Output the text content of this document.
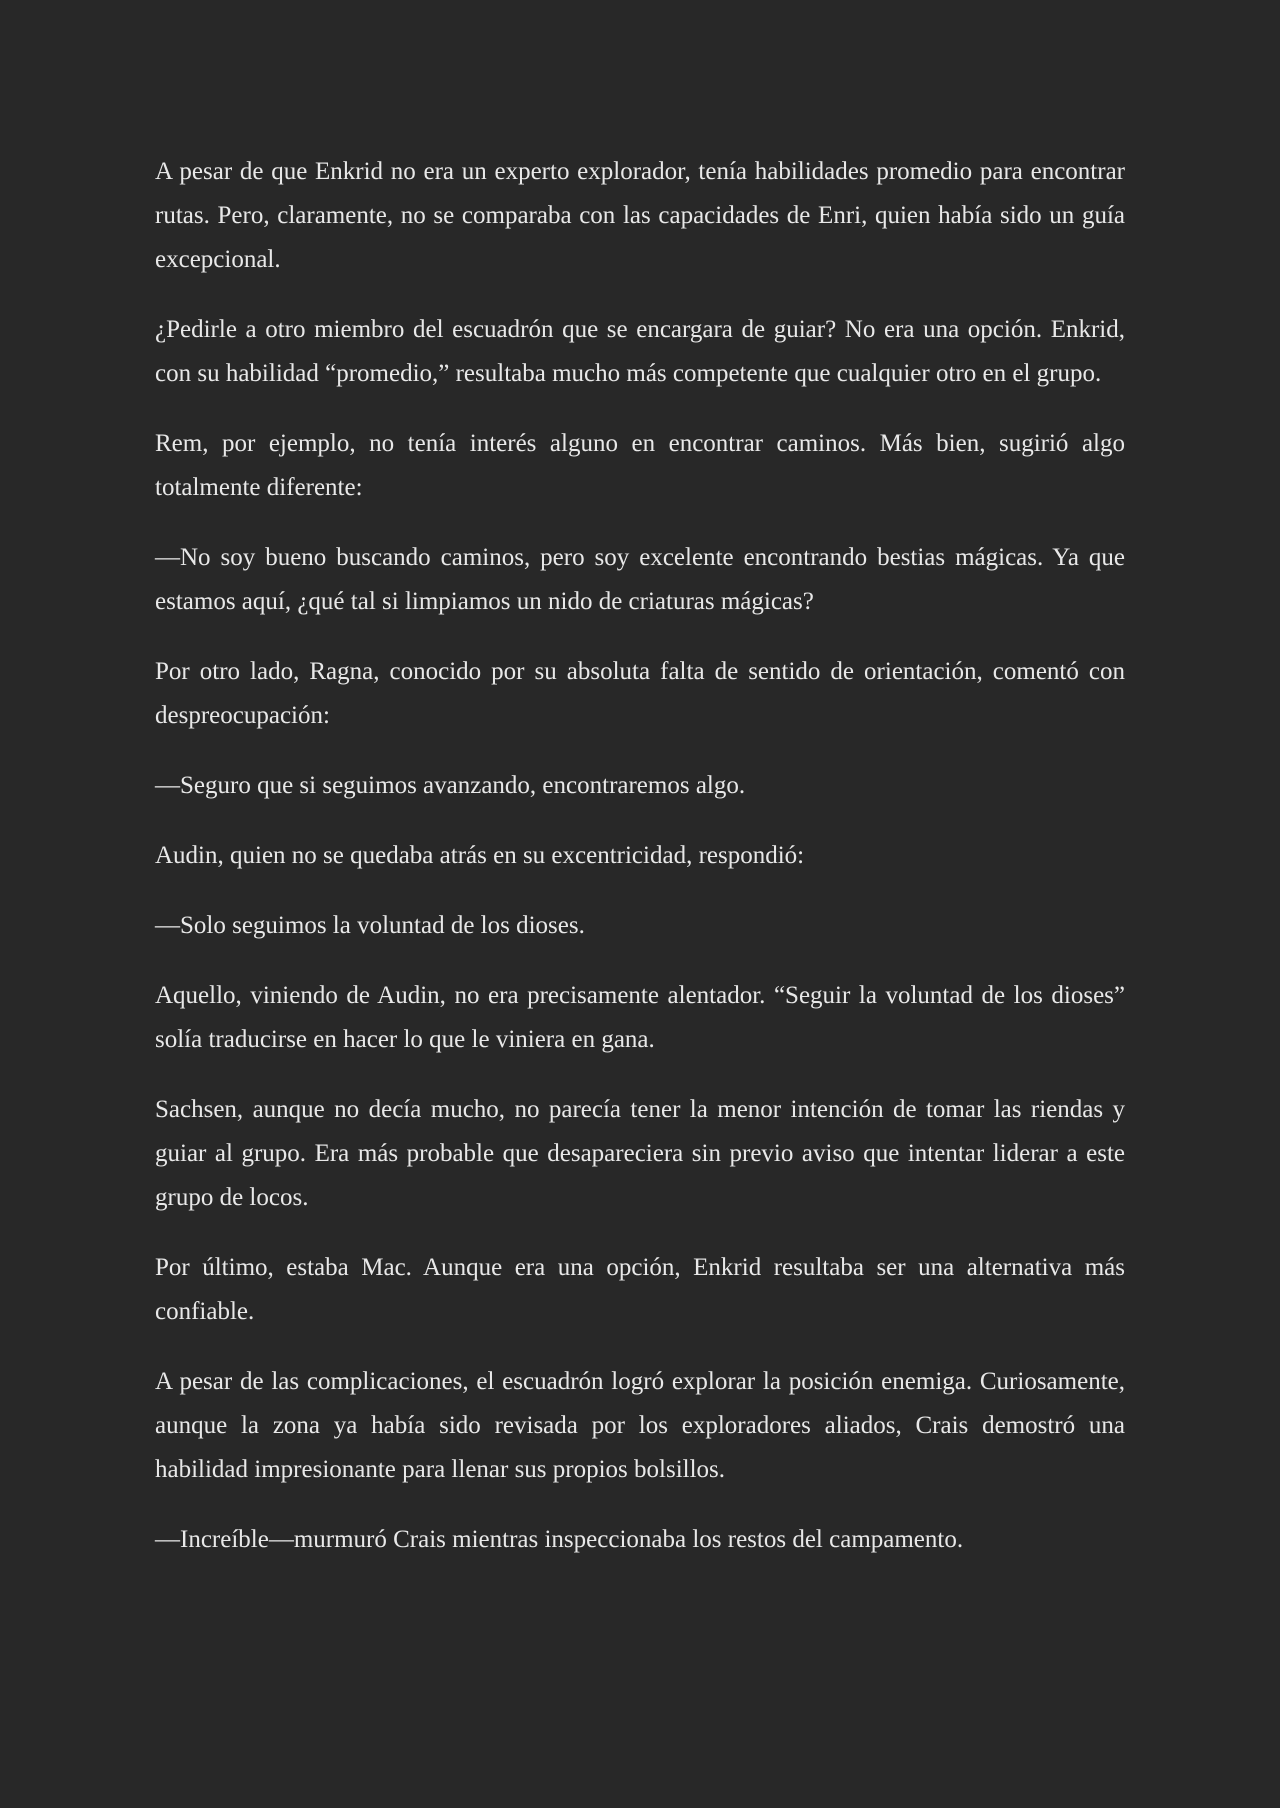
A pesar de que Enkrid no era un experto explorador, tenía habilidades promedio para encontrar rutas. Pero, claramente, no se comparaba con las capacidades de Enri, quien había sido un guía excepcional.

¿Pedirle a otro miembro del escuadrón que se encargara de guiar? No era una opción. Enkrid, con su habilidad “promedio,” resultaba mucho más competente que cualquier otro en el grupo.

Rem, por ejemplo, no tenía interés alguno en encontrar caminos. Más bien, sugirió algo totalmente diferente:

—No soy bueno buscando caminos, pero soy excelente encontrando bestias mágicas. Ya que estamos aquí, ¿qué tal si limpiamos un nido de criaturas mágicas?

Por otro lado, Ragna, conocido por su absoluta falta de sentido de orientación, comentó con despreocupación:

—Seguro que si seguimos avanzando, encontraremos algo.

Audin, quien no se quedaba atrás en su excentricidad, respondió:

—Solo seguimos la voluntad de los dioses.

Aquello, viniendo de Audin, no era precisamente alentador. “Seguir la voluntad de los dioses” solía traducirse en hacer lo que le viniera en gana.

Sachsen, aunque no decía mucho, no parecía tener la menor intención de tomar las riendas y guiar al grupo. Era más probable que desapareciera sin previo aviso que intentar liderar a este grupo de locos.

Por último, estaba Mac. Aunque era una opción, Enkrid resultaba ser una alternativa más confiable.

A pesar de las complicaciones, el escuadrón logró explorar la posición enemiga. Curiosamente, aunque la zona ya había sido revisada por los exploradores aliados, Crais demostró una habilidad impresionante para llenar sus propios bolsillos.

—Increíble—murmuró Crais mientras inspeccionaba los restos del campamento.
